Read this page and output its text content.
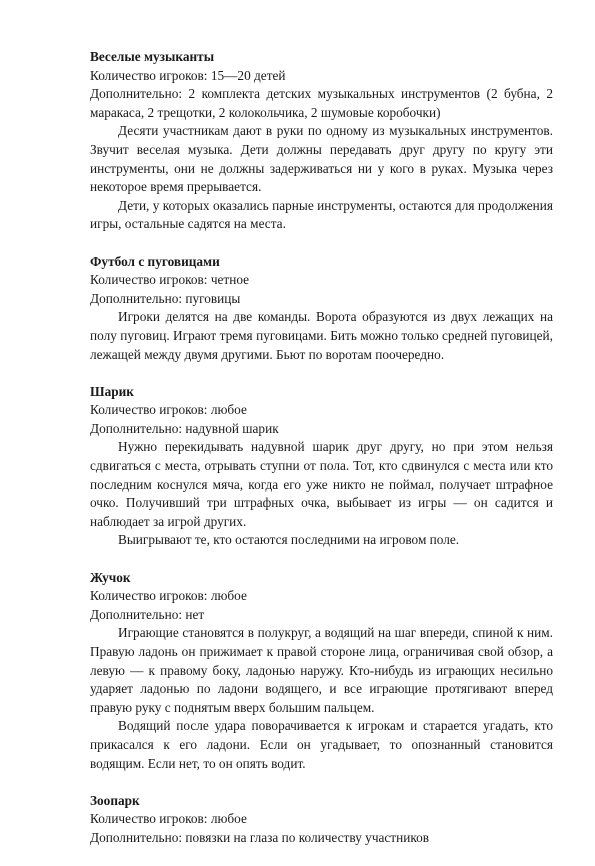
Веселые музыканты

Количество игроков: 15—20 детей

Дополнительно: 2 комплекта детских музыкальных инструментов (2 бубна, 2 маракаса, 2 трещотки, 2 колокольчика, 2 шумовые коробочки)

Десяти участникам дают в руки по одному из музыкальных инструментов. Звучит веселая музыка. Дети должны передавать друг другу по кругу эти инструменты, они не должны задерживаться ни у кого в руках. Музыка через некоторое время прерывается.

Дети, у которых оказались парные инструменты, остаются для продолжения игры, остальные садятся на места.

Футбол с пуговицами

Количество игроков: четное

Дополнительно: пуговицы

Игроки делятся на две команды. Ворота образуются из двух лежащих на полу пуговиц. Играют тремя пуговицами. Бить можно только средней пуговицей, лежащей между двумя другими. Бьют по воротам поочередно.

Шарик

Количество игроков: любое

Дополнительно: надувной шарик

Нужно перекидывать надувной шарик друг другу, но при этом нельзя сдвигаться с места, отрывать ступни от пола. Тот, кто сдвинулся с места или кто последним коснулся мяча, когда его уже никто не поймал, получает штрафное очко. Получивший три штрафных очка, выбывает из игры — он садится и наблюдает за игрой других.

Выигрывают те, кто остаются последними на игровом поле.

Жучок

Количество игроков: любое

Дополнительно: нет

Играющие становятся в полукруг, а водящий на шаг впереди, спиной к ним. Правую ладонь он прижимает к правой стороне лица, ограничивая свой обзор, а левую — к правому боку, ладонью наружу. Кто-нибудь из играющих несильно ударяет ладонью по ладони водящего, и все играющие протягивают вперед правую руку с поднятым вверх большим пальцем.

Водящий после удара поворачивается к игрокам и старается угадать, кто прикасался к его ладони. Если он угадывает, то опознанный становится водящим. Если нет, то он опять водит.

Зоопарк

Количество игроков: любое

Дополнительно: повязки на глаза по количеству участников
